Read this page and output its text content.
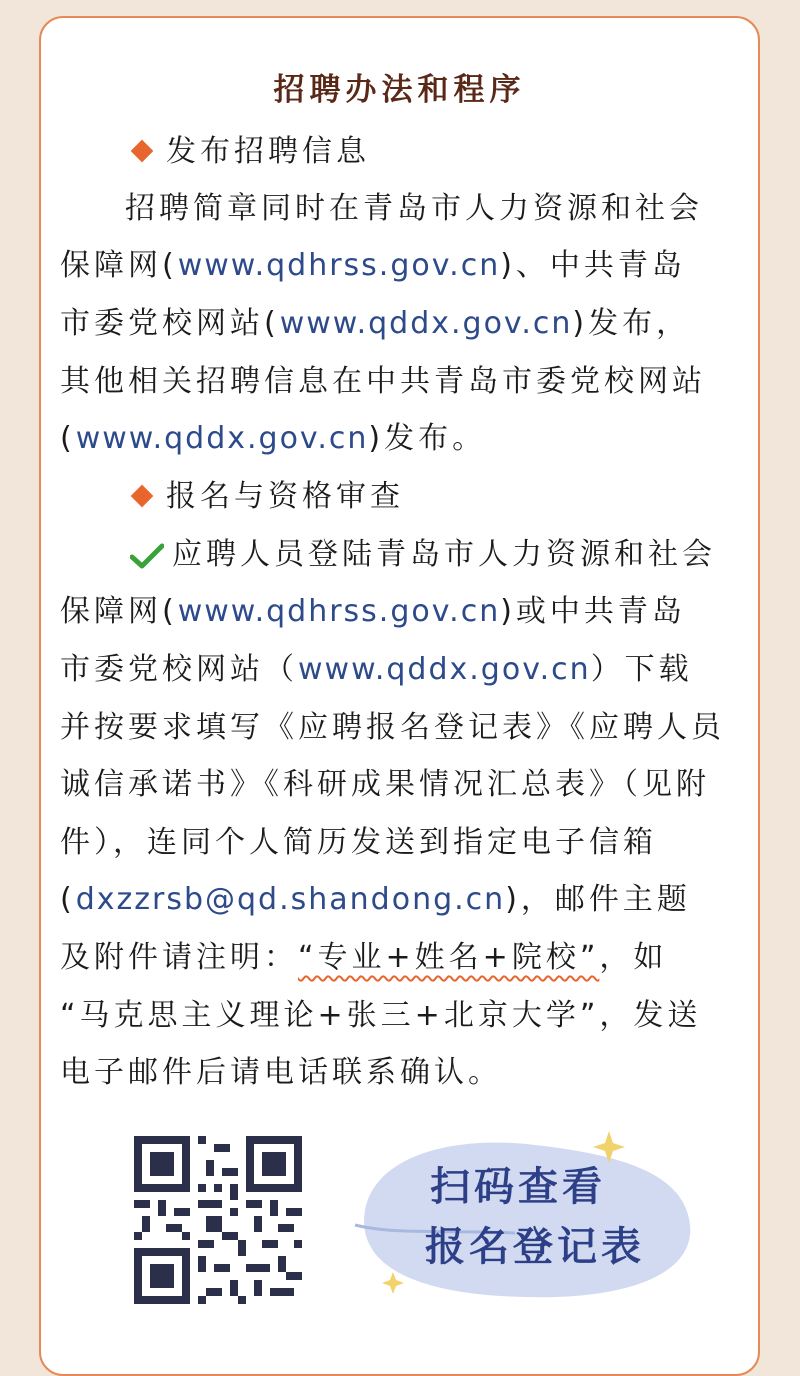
招聘办法和程序
发布招聘信息
招聘简章同时在青岛市人力资源和社会
保障网(www.qdhrss.gov.cn)、中共青岛
市委党校网站(www.qddx.gov.cn)发布，
其他相关招聘信息在中共青岛市委党校网站
(www.qddx.gov.cn)发布。
报名与资格审查
应聘人员登陆青岛市人力资源和社会
保障网(www.qdhrss.gov.cn)或中共青岛
市委党校网站（www.qddx.gov.cn）下载
并按要求填写《应聘报名登记表》《应聘人员
诚信承诺书》《科研成果情况汇总表》（见附
件），连同个人简历发送到指定电子信箱
(dxzzrsb@qd.shandong.cn)，邮件主题
及附件请注明：“专业+姓名+院校”，如
“马克思主义理论+张三+北京大学”，发送
电子邮件后请电话联系确认。
扫码查看
报名登记表
